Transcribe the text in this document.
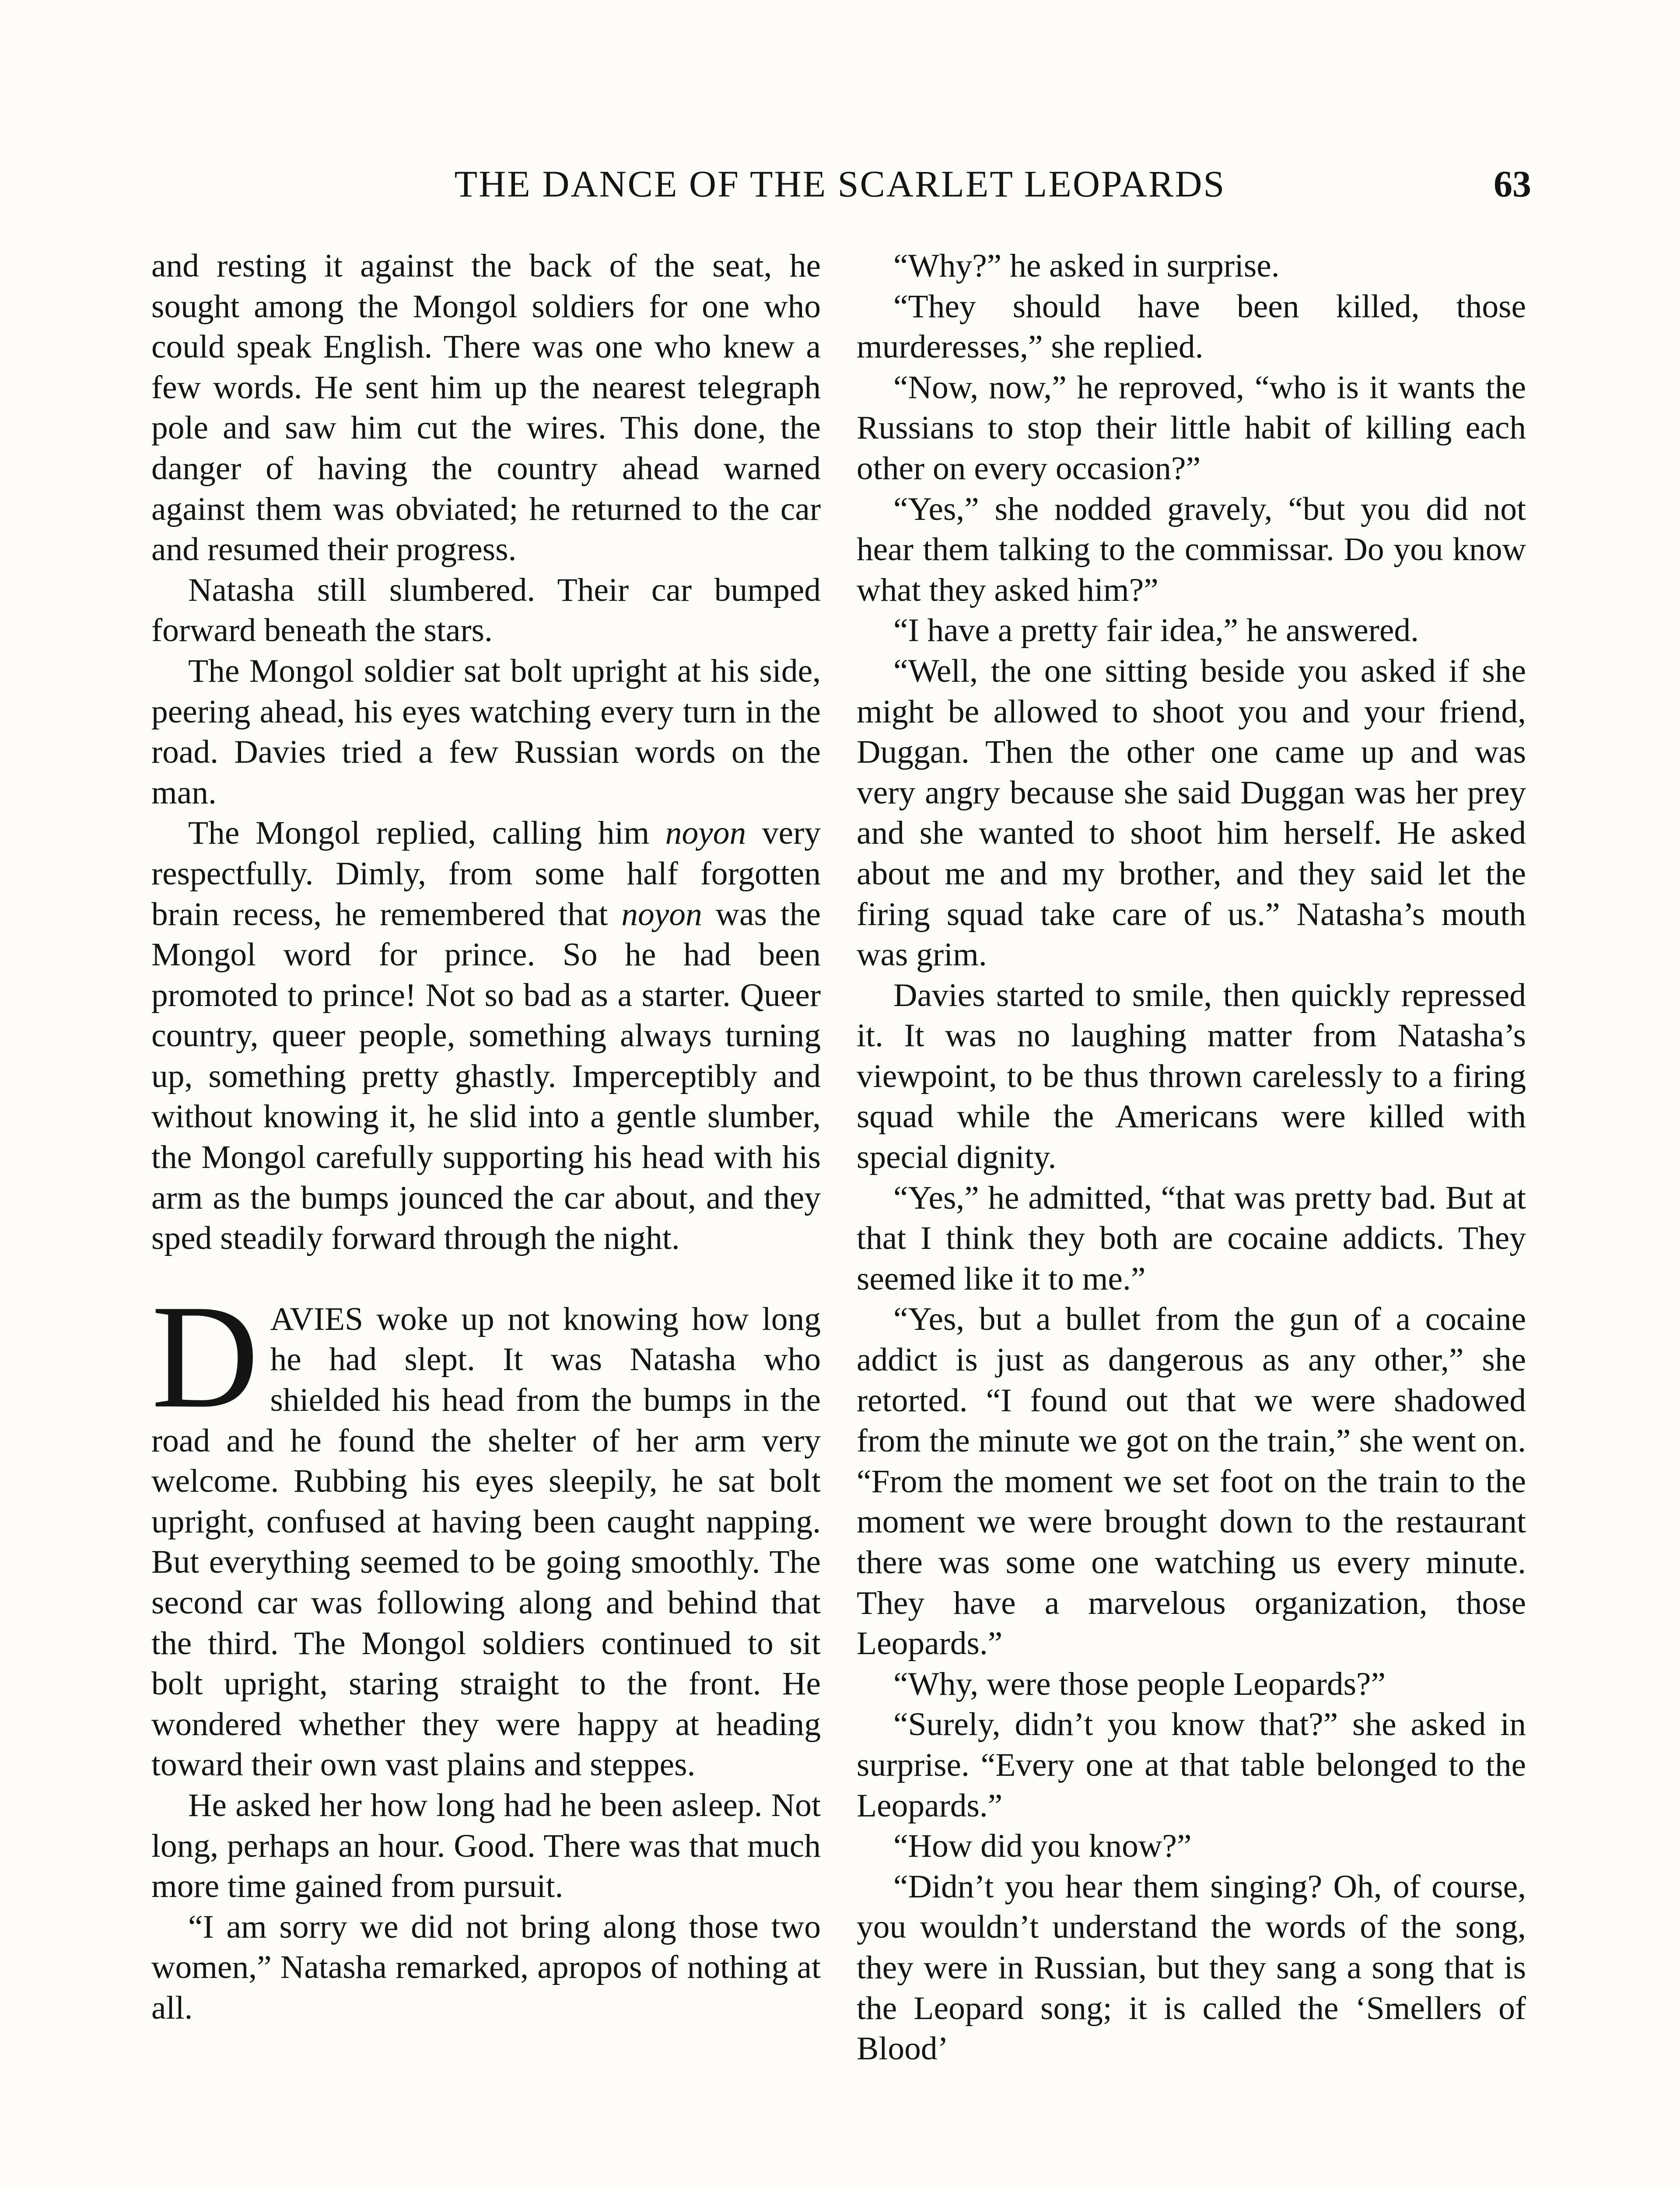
THE DANCE OF THE SCARLET LEOPARDS	63

and resting it against the back of the seat, he sought among the Mongol soldiers for one who could speak English. There was one who knew a few words. He sent him up the nearest telegraph pole and saw him cut the wires. This done, the danger of having the country ahead warned against them was obviated; he returned to the car and resumed their progress.

Natasha still slumbered. Their car bumped forward beneath the stars.

The Mongol soldier sat bolt upright at his side, peering ahead, his eyes watching every turn in the road. Davies tried a few Russian words on the man.

The Mongol replied, calling him noyon very respectfully. Dimly, from some half forgotten brain recess, he remembered that noyon was the Mongol word for prince. So he had been promoted to prince! Not so bad as a starter. Queer country, queer people, something always turning up, something pretty ghastly. Imperceptibly and without knowing it, he slid into a gentle slumber, the Mongol carefully supporting his head with his arm as the bumps jounced the car about, and they sped steadily forward through the night.

DAVIES woke up not knowing how long he had slept. It was Natasha who shielded his head from the bumps in the road and he found the shelter of her arm very welcome. Rubbing his eyes sleepily, he sat bolt upright, confused at having been caught napping. But everything seemed to be going smoothly. The second car was following along and behind that the third. The Mongol soldiers continued to sit bolt upright, staring straight to the front. He wondered whether they were happy at heading toward their own vast plains and steppes.

He asked her how long had he been asleep. Not long, perhaps an hour. Good. There was that much more time gained from pursuit.

“I am sorry we did not bring along those two women,” Natasha remarked, apropos of nothing at all.

“Why?” he asked in surprise.

“They should have been killed, those murderesses,” she replied.

“Now, now,” he reproved, “who is it wants the Russians to stop their little habit of killing each other on every occasion?”

“Yes,” she nodded gravely, “but you did not hear them talking to the commissar. Do you know what they asked him?”

“I have a pretty fair idea,” he answered.

“Well, the one sitting beside you asked if she might be allowed to shoot you and your friend, Duggan. Then the other one came up and was very angry because she said Duggan was her prey and she wanted to shoot him herself. He asked about me and my brother, and they said let the firing squad take care of us.” Natasha’s mouth was grim.

Davies started to smile, then quickly repressed it. It was no laughing matter from Natasha’s viewpoint, to be thus thrown carelessly to a firing squad while the Americans were killed with special dignity.

“Yes,” he admitted, “that was pretty bad. But at that I think they both are cocaine addicts. They seemed like it to me.”

“Yes, but a bullet from the gun of a cocaine addict is just as dangerous as any other,” she retorted. “I found out that we were shadowed from the minute we got on the train,” she went on. “From the moment we set foot on the train to the moment we were brought down to the restaurant there was some one watching us every minute. They have a marvelous organization, those Leopards.”

“Why, were those people Leopards?”

“Surely, didn’t you know that?” she asked in surprise. “Every one at that table belonged to the Leopards.”

“How did you know?”

“Didn’t you hear them singing? Oh, of course, you wouldn’t understand the words of the song, they were in Russian, but they sang a song that is the Leopard song; it is called the ‘Smellers of Blood’
